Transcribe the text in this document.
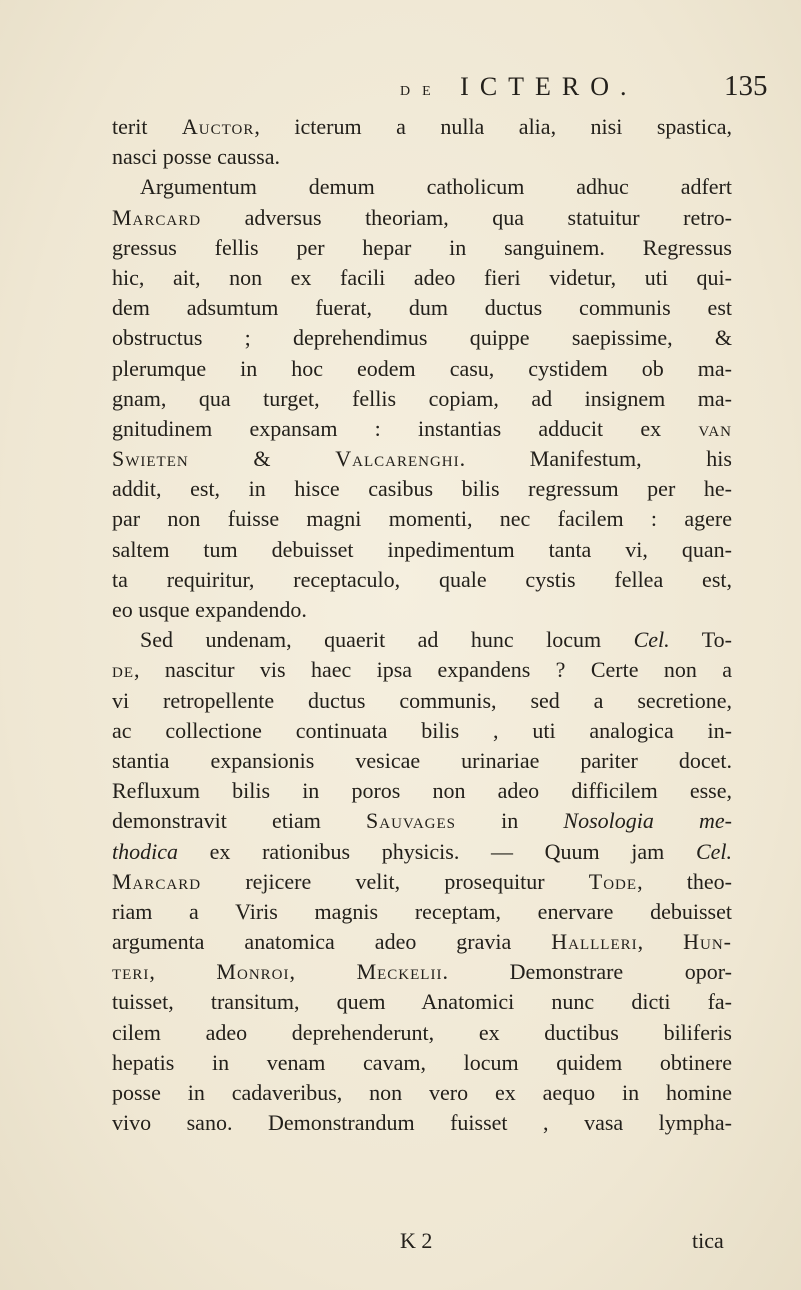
DE ICTERO.	135
terit Auctor, icterum a nulla alia, nisi spastica,
nasci posse caussa.
Argumentum demum catholicum adhuc adfert
Marcard adversus theoriam, qua statuitur retro-
gressus fellis per hepar in sanguinem. Regressus
hic, ait, non ex facili adeo fieri videtur, uti qui-
dem adsumtum fuerat, dum ductus communis est
obstructus ; deprehendimus quippe saepissime, &
plerumque in hoc eodem casu, cystidem ob ma-
gnam, qua turget, fellis copiam, ad insignem ma-
gnitudinem expansam : instantias adducit ex van
Swieten & Valcarenghi. Manifestum, his
addit, est, in hisce casibus bilis regressum per he-
par non fuisse magni momenti, nec facilem : agere
saltem tum debuisset inpedimentum tanta vi, quan-
ta requiritur, receptaculo, quale cystis fellea est,
eo usque expandendo.
Sed undenam, quaerit ad hunc locum Cel. To-
de, nascitur vis haec ipsa expandens ? Certe non a
vi retropellente ductus communis, sed a secretione,
ac collectione continuata bilis , uti analogica in-
stantia expansionis vesicae urinariae pariter docet.
Refluxum bilis in poros non adeo difficilem esse,
demonstravit etiam Sauvages in Nosologia me-
thodica ex rationibus physicis. — Quum jam Cel.
Marcard rejicere velit, prosequitur Tode, theo-
riam a Viris magnis receptam, enervare debuisset
argumenta anatomica adeo gravia Hallleri, Hun-
teri, Monroi, Meckelii. Demonstrare opor-
tuisset, transitum, quem Anatomici nunc dicti fa-
cilem adeo deprehenderunt, ex ductibus biliferis
hepatis in venam cavam, locum quidem obtinere
posse in cadaveribus, non vero ex aequo in homine
vivo sano. Demonstrandum fuisset , vasa lympha-
K 2	tica
